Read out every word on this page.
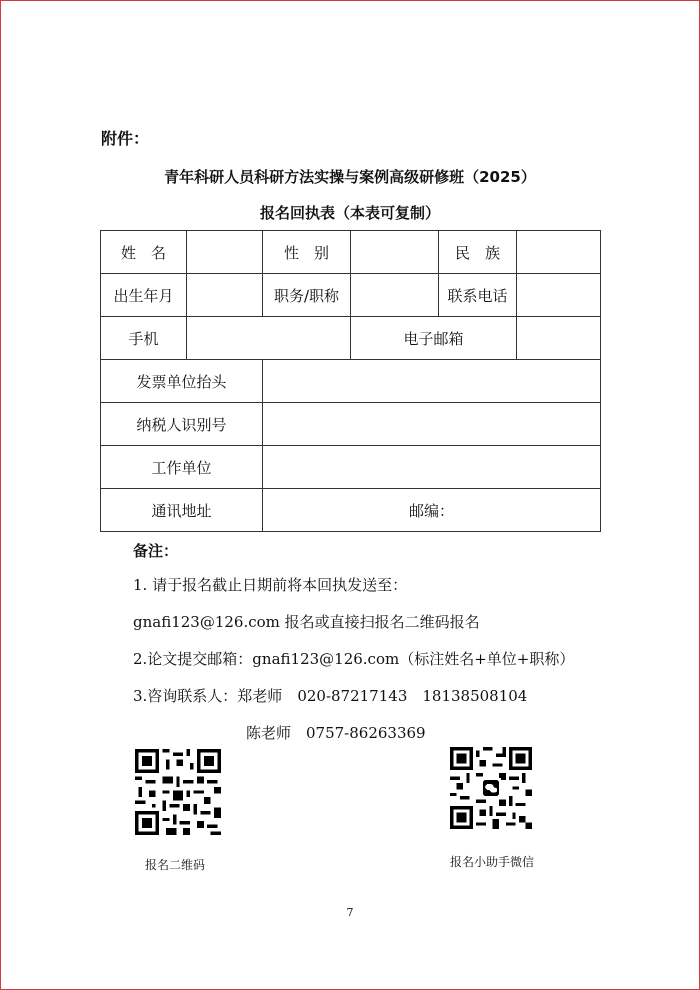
附件：
青年科研人员科研方法实操与案例高级研修班（2025）
报名回执表（本表可复制）
姓　名		性　别		民　族	
出生年月		职务/职称		联系电话	
手机			电子邮箱		
发票单位抬头					
纳税人识别号					
工作单位					
通讯地址		邮编：			
备注：
1. 请于报名截止日期前将本回执发送至：
gnafi123@126.com 报名或直接扫报名二维码报名
2.论文提交邮箱：gnafi123@126.com（标注姓名+单位+职称）
3.咨询联系人：郑老师　020-87217143　18138508104
陈老师　0757-86263369
报名二维码	报名小助手微信
7
